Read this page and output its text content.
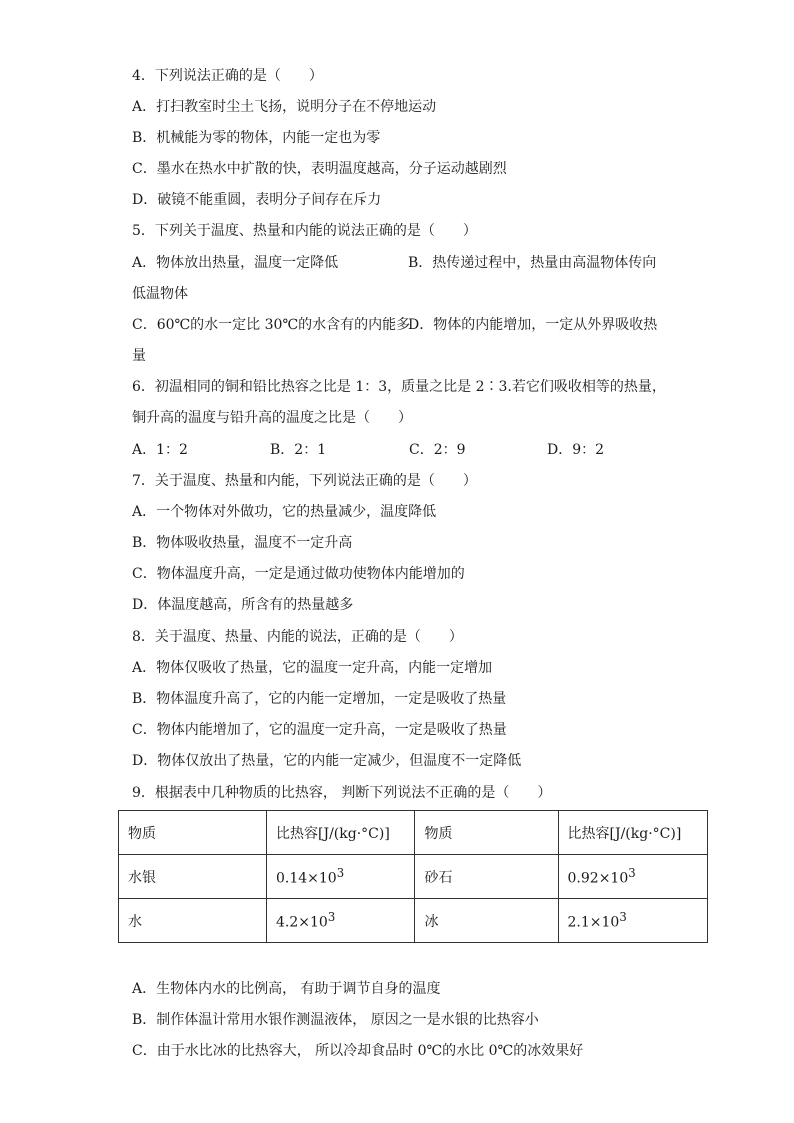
4．下列说法正确的是（　　）
A．打扫教室时尘土飞扬，说明分子在不停地运动
B．机械能为零的物体，内能一定也为零
C．墨水在热水中扩散的快，表明温度越高，分子运动越剧烈
D．破镜不能重圆，表明分子间存在斥力
5．下列关于温度、热量和内能的说法正确的是（　　）
A．物体放出热量，温度一定降低	B．热传递过程中，热量由高温物体传向
低温物体
C．60℃的水一定比 30℃的水含有的内能多
D．物体的内能增加，一定从外界吸收热
量
6．初温相同的铜和铅比热容之比是 1：3，质量之比是 2∶3.若它们吸收相等的热量，
铜升高的温度与铅升高的温度之比是（　　）
A．1：2	B．2：1	C．2：9	D．9：2
7．关于温度、热量和内能，下列说法正确的是（　　）
A．一个物体对外做功，它的热量减少，温度降低
B．物体吸收热量，温度不一定升高
C．物体温度升高，一定是通过做功使物体内能增加的
D．体温度越高，所含有的热量越多
8．关于温度、热量、内能的说法，正确的是（　　）
A．物体仅吸收了热量，它的温度一定升高，内能一定增加
B．物体温度升高了，它的内能一定增加，一定是吸收了热量
C．物体内能增加了，它的温度一定升高，一定是吸收了热量
D．物体仅放出了热量，它的内能一定减少，但温度不一定降低
9．根据表中几种物质的比热容， 判断下列说法不正确的是（　　）
物质	比热容[J/(kg·°C)]	物质	比热容[J/(kg·°C)]
水银	$0.14\times 10^3$	砂石	$0.92\times 10^3$
水	$4.2\times 10^3$	冰	$2.1\times 10^3$
A．生物体内水的比例高， 有助于调节自身的温度
B．制作体温计常用水银作测温液体， 原因之一是水银的比热容小
C．由于水比冰的比热容大， 所以冷却食品时 0℃的水比 0℃的冰效果好
